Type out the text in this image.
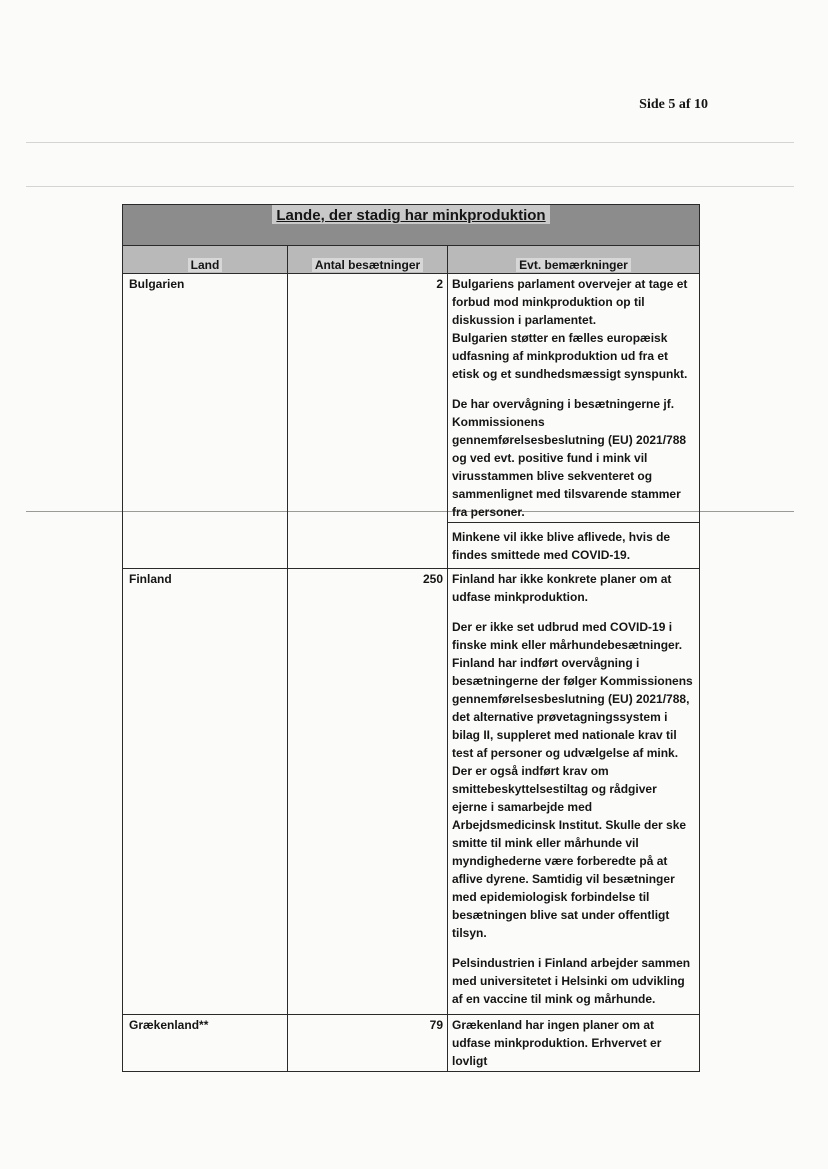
Side 5 af 10
Lande, der stadig har minkproduktion		
Land	Antal besætninger	Evt. bemærkninger
Bulgarien	2	Bulgariens parlament overvejer at tage et forbud mod minkproduktion op til diskussion i parlamentet.

Bulgarien støtter en fælles europæisk udfasning af minkproduktion ud fra et etisk og et sundhedsmæssigt synspunkt.

De har overvågning i besætningerne jf. Kommissionens gennemførelsesbeslutning (EU) 2021/788 og ved evt. positive fund i mink vil virusstammen blive sekventeret og sammenlignet med tilsvarende stammer fra personer.

		Minkene vil ikke blive aflivede, hvis de findes smittede med COVID-19.

Finland	250	Finland har ikke konkrete planer om at udfase minkproduktion.

Der er ikke set udbrud med COVID-19 i finske mink eller mårhundebesætninger. Finland har indført overvågning i besætningerne der følger Kommissionens gennemførelsesbeslutning (EU) 2021/788, det alternative prøvetagningssystem i bilag II, suppleret med nationale krav til test af personer og udvælgelse af mink. Der er også indført krav om smittebeskyttelsestiltag og rådgiver ejerne i samarbejde med Arbejdsmedicinsk Institut. Skulle der ske smitte til mink eller mårhunde vil myndighederne være forberedte på at aflive dyrene. Samtidig vil besætninger med epidemiologisk forbindelse til besætningen blive sat under offentligt tilsyn.

Pelsindustrien i Finland arbejder sammen med universitetet i Helsinki om udvikling af en vaccine til mink og mårhunde.

Grækenland**	79	Grækenland har ingen planer om at udfase minkproduktion. Erhvervet er lovligt
